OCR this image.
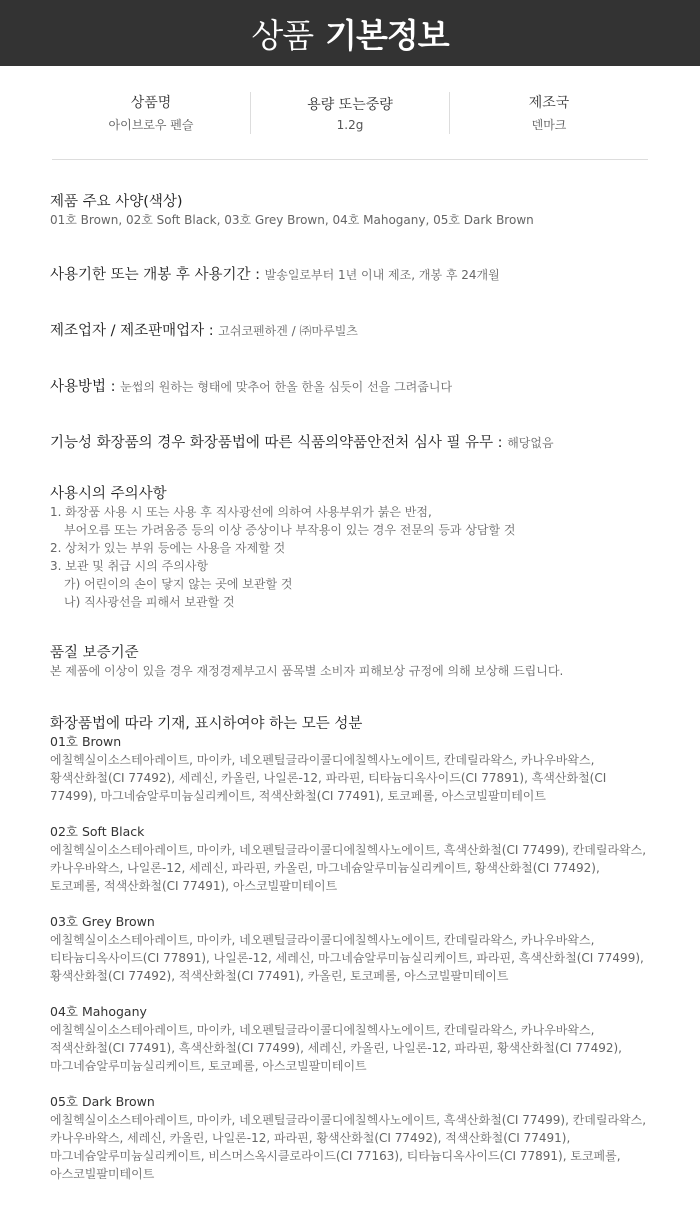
상품 기본정보
상품명
아이브로우 펜슬
용량 또는중량
1.2g
제조국
덴마크
제품 주요 사양(색상)
01호 Brown, 02호 Soft Black, 03호 Grey Brown, 04호 Mahogany, 05호 Dark Brown
사용기한 또는 개봉 후 사용기간 : 발송일로부터 1년 이내 제조, 개봉 후 24개월
제조업자 / 제조판매업자 : 고쉬코펜하겐 / ㈜마루빌츠
사용방법 : 눈썹의 원하는 형태에 맞추어 한올 한올 심듯이 선을 그려줍니다
기능성 화장품의 경우 화장품법에 따른 식품의약품안전처 심사 필 유무 : 해당없음
사용시의 주의사항
1. 화장품 사용 시 또는 사용 후 직사광선에 의하여 사용부위가 붉은 반점,
부어오름 또는 가려움증 등의 이상 증상이나 부작용이 있는 경우 전문의 등과 상담할 것
2. 상처가 있는 부위 등에는 사용을 자제할 것
3. 보관 및 취급 시의 주의사항
가) 어린이의 손이 닿지 않는 곳에 보관할 것
나) 직사광선을 피해서 보관할 것
품질 보증기준
본 제품에 이상이 있을 경우 재정경제부고시 품목별 소비자 피해보상 규정에 의해 보상해 드립니다.
화장품법에 따라 기재, 표시하여야 하는 모든 성분
01호 Brown
에칠헥실이소스테아레이트, 마이카, 네오펜틸글라이콜디에칠헥사노에이트, 칸데릴라왁스, 카나우바왁스,
황색산화철(CI 77492), 세레신, 카올린, 나일론-12, 파라핀, 티타늄디옥사이드(CI 77891), 흑색산화철(CI
77499), 마그네슘알루미늄실리케이트, 적색산화철(CI 77491), 토코페롤, 아스코빌팔미테이트
02호 Soft Black
에칠헥실이소스테아레이트, 마이카, 네오펜틸글라이콜디에칠헥사노에이트, 흑색산화철(CI 77499), 칸데릴라왁스,
카나우바왁스, 나일론-12, 세레신, 파라핀, 카올린, 마그네슘알루미늄실리케이트, 황색산화철(CI 77492),
토코페롤, 적색산화철(CI 77491), 아스코빌팔미테이트
03호 Grey Brown
에칠헥실이소스테아레이트, 마이카, 네오펜틸글라이콜디에칠헥사노에이트, 칸데릴라왁스, 카나우바왁스,
티타늄디옥사이드(CI 77891), 나일론-12, 세레신, 마그네슘알루미늄실리케이트, 파라핀, 흑색산화철(CI 77499),
황색산화철(CI 77492), 적색산화철(CI 77491), 카올린, 토코페롤, 아스코빌팔미테이트
04호 Mahogany
에칠헥실이소스테아레이트, 마이카, 네오펜틸글라이콜디에칠헥사노에이트, 칸데릴라왁스, 카나우바왁스,
적색산화철(CI 77491), 흑색산화철(CI 77499), 세레신, 카올린, 나일론-12, 파라핀, 황색산화철(CI 77492),
마그네슘알루미늄실리케이트, 토코페롤, 아스코빌팔미테이트
05호 Dark Brown
에칠헥실이소스테아레이트, 마이카, 네오펜틸글라이콜디에칠헥사노에이트, 흑색산화철(CI 77499), 칸데릴라왁스,
카나우바왁스, 세레신, 카올린, 나일론-12, 파라핀, 황색산화철(CI 77492), 적색산화철(CI 77491),
마그네슘알루미늄실리케이트, 비스머스옥시클로라이드(CI 77163), 티타늄디옥사이드(CI 77891), 토코페롤,
아스코빌팔미테이트
